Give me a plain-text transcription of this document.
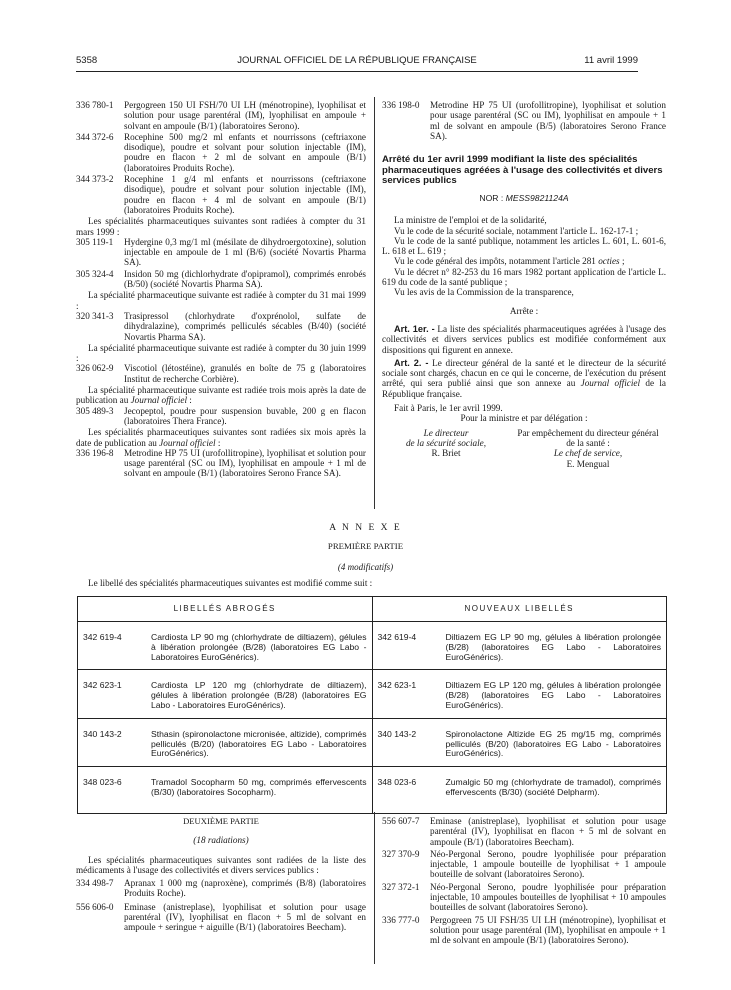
5358	JOURNAL OFFICIEL DE LA RÉPUBLIQUE FRANÇAISE	11 avril 1999
336 780-1	Pergogreen 150 UI FSH/70 UI LH (ménotropine), lyophilisat et solution pour usage parentéral (IM), lyophilisat en ampoule + solvant en ampoule (B/1) (laboratoires Serono).
344 372-6	Rocephine 500 mg/2 ml enfants et nourrissons (ceftriaxone disodique), poudre et solvant pour solution injectable (IM), poudre en flacon + 2 ml de solvant en ampoule (B/1) (laboratoires Produits Roche).
344 373-2	Rocephine 1 g/4 ml enfants et nourrissons (ceftriaxone disodique), poudre et solvant pour solution injectable (IM), poudre en flacon + 4 ml de solvant en ampoule (B/1) (laboratoires Produits Roche).
Les spécialités pharmaceutiques suivantes sont radiées à compter du 31 mars 1999 :
305 119-1	Hydergine 0,3 mg/1 ml (mésilate de dihydroergotoxine), solution injectable en ampoule de 1 ml (B/6) (société Novartis Pharma SA).
305 324-4	Insidon 50 mg (dichlorhydrate d'opipramol), comprimés enrobés (B/50) (société Novartis Pharma SA).
La spécialité pharmaceutique suivante est radiée à compter du 31 mai 1999 :
320 341-3	Trasipressol (chlorhydrate d'oxprénolol, sulfate de dihydralazine), comprimés pelliculés sécables (B/40) (société Novartis Pharma SA).
La spécialité pharmaceutique suivante est radiée à compter du 30 juin 1999 :
326 062-9	Viscotiol (létostéine), granulés en boîte de 75 g (laboratoires Institut de recherche Corbière).
La spécialité pharmaceutique suivante est radiée trois mois après la date de publication au Journal officiel :
305 489-3	Jecopeptol, poudre pour suspension buvable, 200 g en flacon (laboratoires Thera France).
Les spécialités pharmaceutiques suivantes sont radiées six mois après la date de publication au Journal officiel :
336 196-8	Metrodine HP 75 UI (urofollitropine), lyophilisat et solution pour usage parentéral (SC ou IM), lyophilisat en ampoule + 1 ml de solvant en ampoule (B/1) (laboratoires Serono France SA).
336 198-0	Metrodine HP 75 UI (urofollitropine), lyophilisat et solution pour usage parentéral (SC ou IM), lyophilisat en ampoule + 1 ml de solvant en ampoule (B/5) (laboratoires Serono France SA).
Arrêté du 1er avril 1999 modifiant la liste des spécialités pharmaceutiques agréées à l'usage des collectivités et divers services publics
NOR : MESS9821124A
La ministre de l'emploi et de la solidarité,
Vu le code de la sécurité sociale, notamment l'article L. 162-17-1 ;
Vu le code de la santé publique, notamment les articles L. 601, L. 601-6, L. 618 et L. 619 ;
Vu le code général des impôts, notamment l'article 281 octies ;
Vu le décret n° 82-253 du 16 mars 1982 portant application de l'article L. 619 du code de la santé publique ;
Vu les avis de la Commission de la transparence,
Arrête :
Art. 1er. - La liste des spécialités pharmaceutiques agréées à l'usage des collectivités et divers services publics est modifiée conformément aux dispositions qui figurent en annexe.
Art. 2. - Le directeur général de la santé et le directeur de la sécurité sociale sont chargés, chacun en ce qui le concerne, de l'exécution du présent arrêté, qui sera publié ainsi que son annexe au Journal officiel de la République française.
Fait à Paris, le 1er avril 1999.
Pour la ministre et par délégation :
Le directeur
de la sécurité sociale,
R. Briet
Par empêchement du directeur général
de la santé :
Le chef de service,
E. Mengual
A N N E X E
PREMIÈRE PARTIE
(4 modificatifs)
Le libellé des spécialités pharmaceutiques suivantes est modifié comme suit :
LIBELLÉS ABROGÉS	NOUVEAUX LIBELLÉS

342 619-4 Cardiosta LP 90 mg (chlorhydrate de diltiazem), gélules à libération prolongée (B/28) (laboratoires EG Labo - Laboratoires EuroGénérics).	342 619-4 Diltiazem EG LP 90 mg, gélules à libération prolongée (B/28) (laboratoires EG Labo - Laboratoires EuroGénérics).

342 623-1 Cardiosta LP 120 mg (chlorhydrate de diltiazem), gélules à libération prolongée (B/28) (laboratoires EG Labo - Laboratoires EuroGénérics).	342 623-1 Diltiazem EG LP 120 mg, gélules à libération prolongée (B/28) (laboratoires EG Labo - Laboratoires EuroGénérics).

340 143-2 Sthasin (spironolactone micronisée, altizide), comprimés pelliculés (B/20) (laboratoires EG Labo - Laboratoires EuroGénérics).	340 143-2 Spironolactone Altizide EG 25 mg/15 mg, comprimés pelliculés (B/20) (laboratoires EG Labo - Laboratoires EuroGénérics).

348 023-6 Tramadol Socopharm 50 mg, comprimés effervescents (B/30) (laboratoires Socopharm).	348 023-6 Zumalgic 50 mg (chlorhydrate de tramadol), comprimés effervescents (B/30) (société Delpharm).
DEUXIÈME PARTIE
(18 radiations)
Les spécialités pharmaceutiques suivantes sont radiées de la liste des médicaments à l'usage des collectivités et divers services publics :
334 498-7	Apranax 1 000 mg (naproxène), comprimés (B/8) (laboratoires Produits Roche).
556 606-0	Eminase (anistreplase), lyophilisat et solution pour usage parentéral (IV), lyophilisat en flacon + 5 ml de solvant en ampoule + seringue + aiguille (B/1) (laboratoires Beecham).
556 607-7	Eminase (anistreplase), lyophilisat et solution pour usage parentéral (IV), lyophilisat en flacon + 5 ml de solvant en ampoule (B/1) (laboratoires Beecham).
327 370-9	Néo-Pergonal Serono, poudre lyophilisée pour préparation injectable, 1 ampoule bouteille de lyophilisat + 1 ampoule bouteille de solvant (laboratoires Serono).
327 372-1	Néo-Pergonal Serono, poudre lyophilisée pour préparation injectable, 10 ampoules bouteilles de lyophilisat + 10 ampoules bouteilles de solvant (laboratoires Serono).
336 777-0	Pergogreen 75 UI FSH/35 UI LH (ménotropine), lyophilisat et solution pour usage parentéral (IM), lyophilisat en ampoule + 1 ml de solvant en ampoule (B/1) (laboratoires Serono).
